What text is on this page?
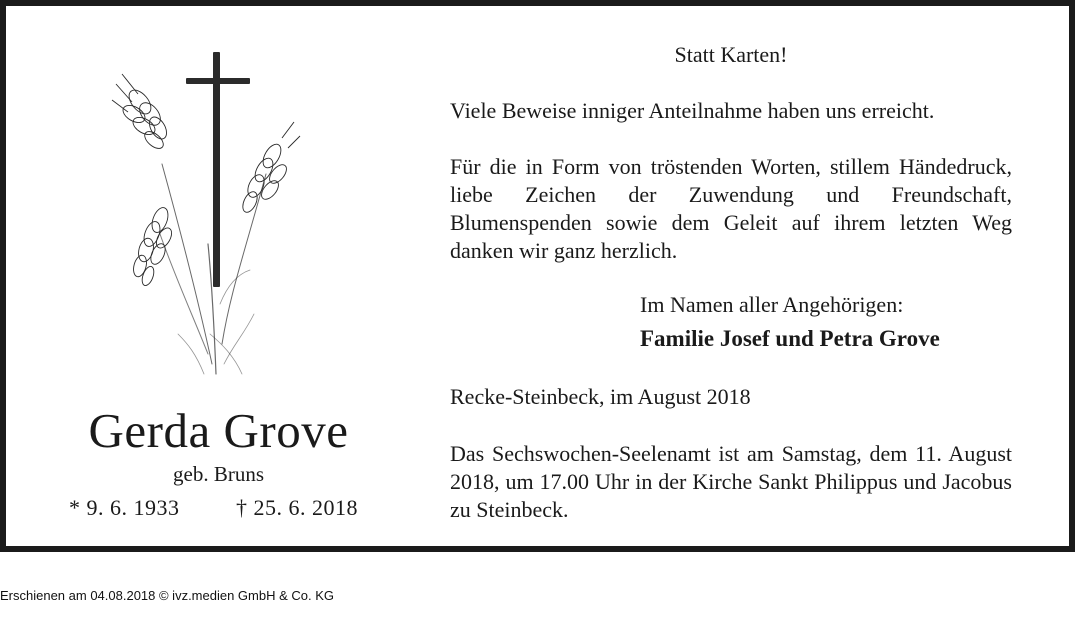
Gerda Grove
geb. Bruns
* 9. 6. 1933	† 25. 6. 2018
Statt Karten!

Viele Beweise inniger Anteilnahme haben uns erreicht.

Für die in Form von tröstenden Worten, stillem Händedruck, liebe Zeichen der Zuwendung und Freundschaft, Blumenspenden sowie dem Geleit auf ihrem letzten Weg danken wir ganz herzlich.

Im Namen aller Angehörigen:
Familie Josef und Petra Grove
Recke-Steinbeck, im August 2018

Das Sechswochen-Seelenamt ist am Samstag, dem 11. August 2018, um 17.00 Uhr in der Kirche Sankt Philippus und Jacobus zu Steinbeck.

Erschienen am 04.08.2018 © ivz.medien GmbH & Co. KG
